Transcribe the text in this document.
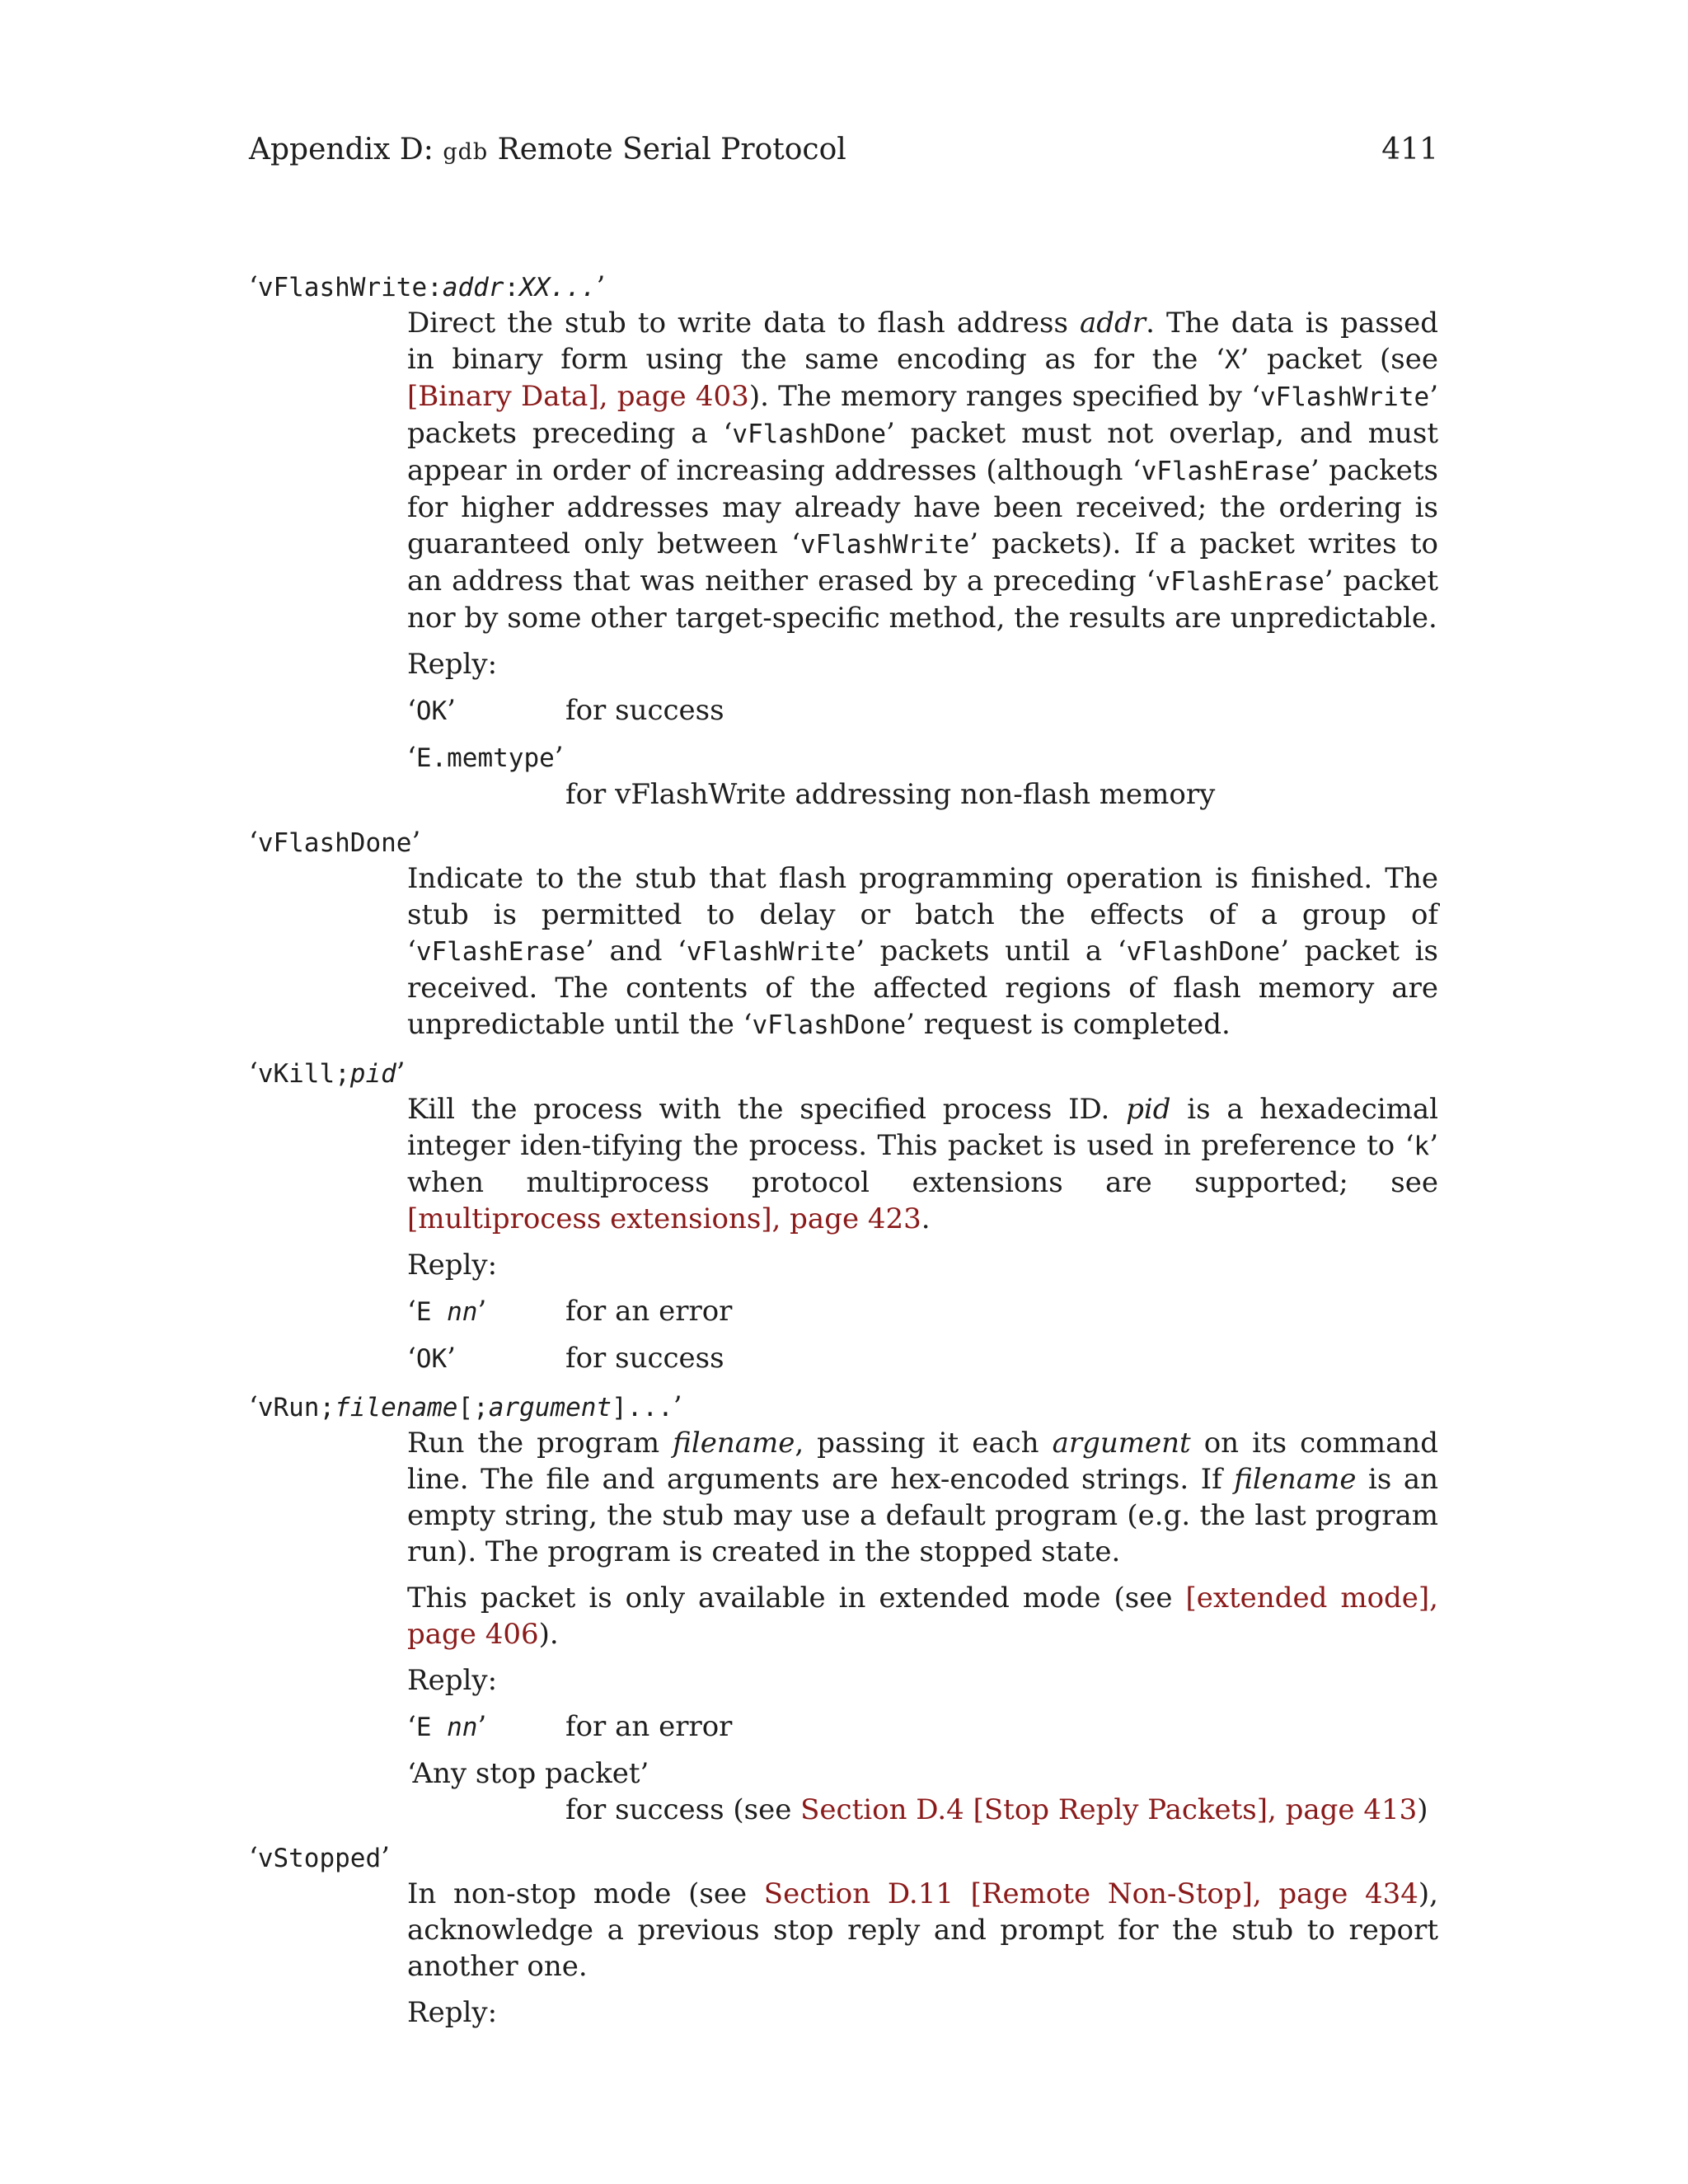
Appendix D: gdb Remote Serial Protocol	411
‘vFlashWrite:addr:XX...’

Direct the stub to write data to flash address addr. The data is passed in binary form using the same encoding as for the ‘X’ packet (see [Binary Data], page 403). The memory ranges specified by ‘vFlashWrite’ packets preceding a ‘vFlashDone’ packet must not overlap, and must appear in order of increasing addresses (although ‘vFlashErase’ packets for higher addresses may already have been received; the ordering is guaranteed only between ‘vFlashWrite’ packets). If a packet writes to an address that was neither erased by a preceding ‘vFlashErase’ packet nor by some other target-specific method, the results are unpredictable.

Reply:

‘OK’	for success
‘E.memtype’
for vFlashWrite addressing non-flash memory
‘vFlashDone’

Indicate to the stub that flash programming operation is finished. The stub is permitted to delay or batch the effects of a group of ‘vFlashErase’ and ‘vFlashWrite’ packets until a ‘vFlashDone’ packet is received. The contents of the affected regions of flash memory are unpredictable until the ‘vFlashDone’ request is completed.

‘vKill;pid’

Kill the process with the specified process ID. pid is a hexadecimal integer iden-tifying the process. This packet is used in preference to ‘k’ when multiprocess protocol extensions are supported; see [multiprocess extensions], page 423.

Reply:

‘E nn’	for an error
‘OK’	for success
‘vRun;filename[;argument]...’

Run the program filename, passing it each argument on its command line. The file and arguments are hex-encoded strings. If filename is an empty string, the stub may use a default program (e.g. the last program run). The program is created in the stopped state.

This packet is only available in extended mode (see [extended mode], page 406).

Reply:

‘E nn’	for an error
‘Any stop packet’
for success (see Section D.4 [Stop Reply Packets], page 413)
‘vStopped’

In non-stop mode (see Section D.11 [Remote Non-Stop], page 434), acknowledge a previous stop reply and prompt for the stub to report another one.

Reply:
